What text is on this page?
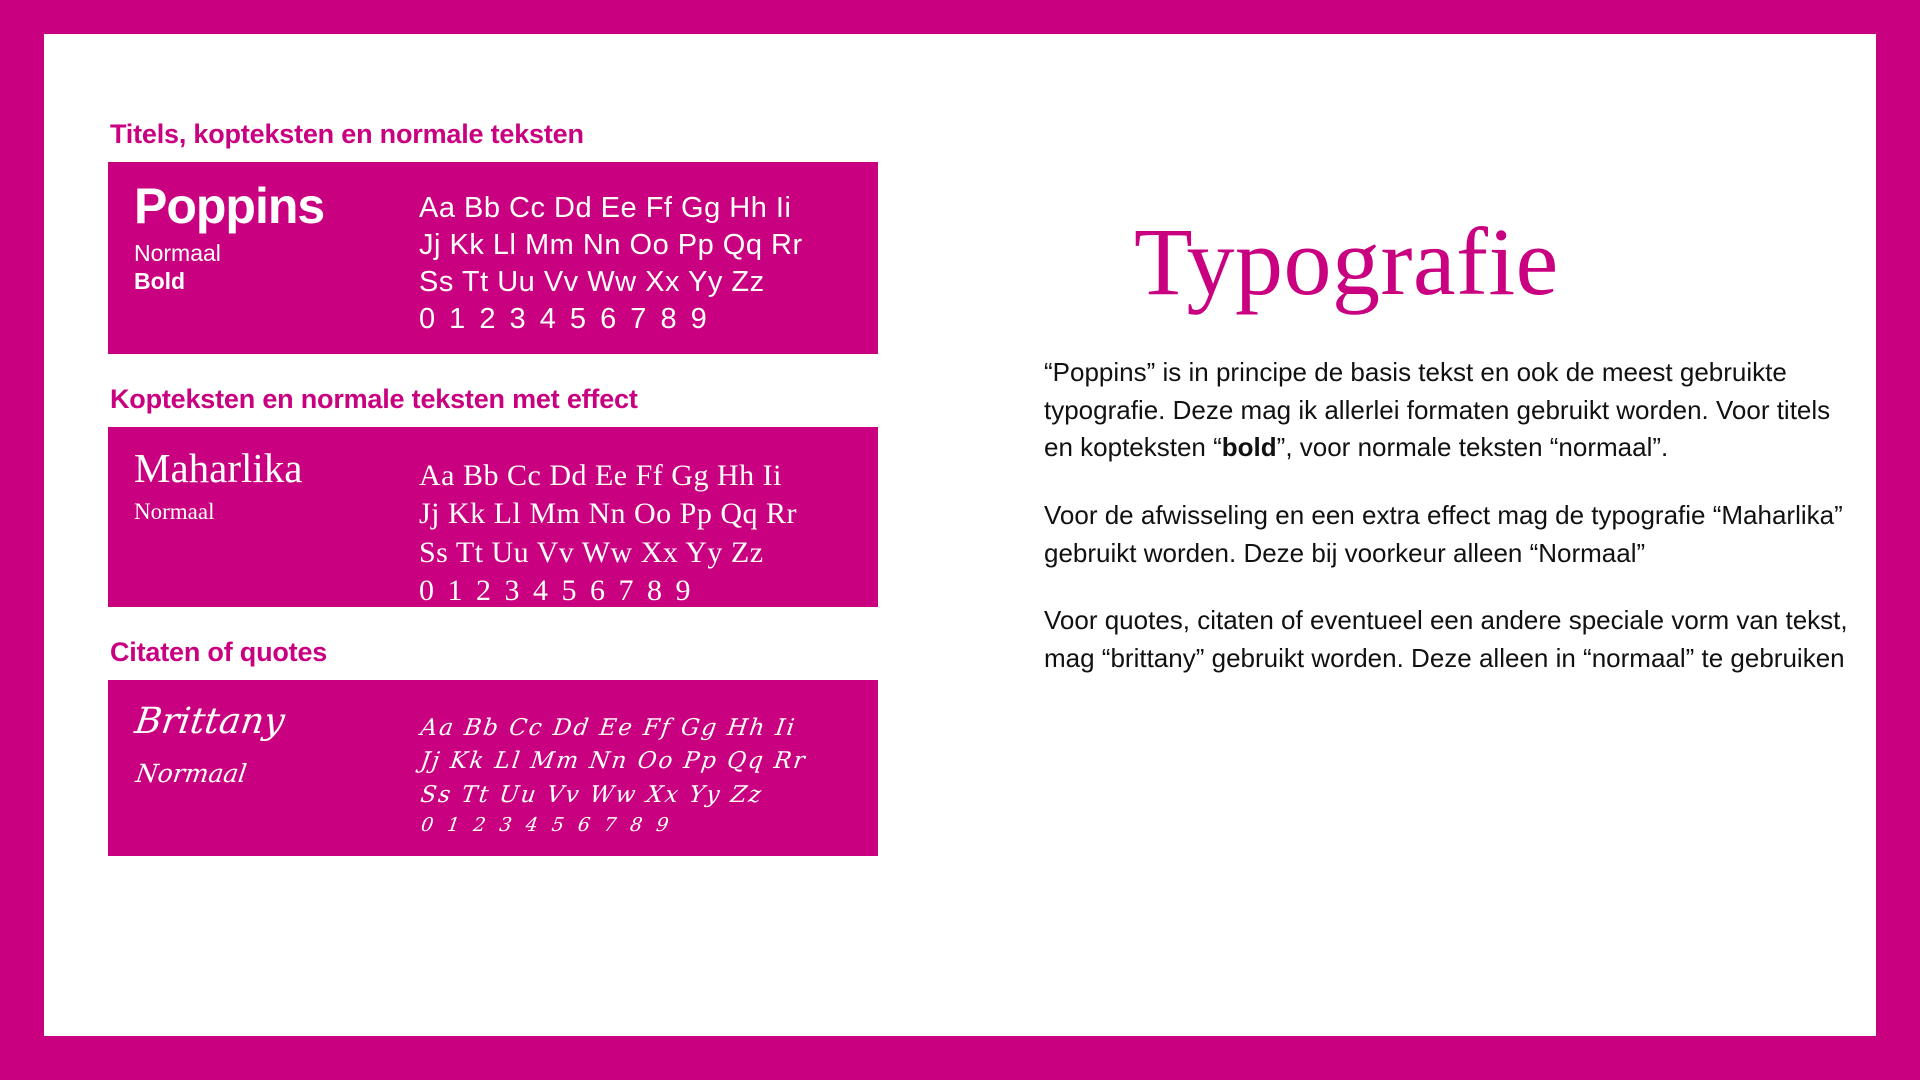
Titels, kopteksten en normale teksten
Poppins
Normaal
Bold
Aa Bb Cc Dd Ee Ff Gg Hh Ii
Jj Kk Ll Mm Nn Oo Pp Qq Rr
Ss Tt Uu Vv Ww Xx Yy Zz
0 1 2 3 4 5 6 7 8 9
Kopteksten en normale teksten met effect
Maharlika
Normaal
Aa Bb Cc Dd Ee Ff Gg Hh Ii
Jj Kk Ll Mm Nn Oo Pp Qq Rr
Ss Tt Uu Vv Ww Xx Yy Zz
0 1 2 3 4 5 6 7 8 9
Citaten of quotes
Brittany
Normaal
Aa Bb Cc Dd Ee Ff Gg Hh Ii
Jj Kk Ll Mm Nn Oo Pp Qq Rr
Ss Tt Uu Vv Ww Xx Yy Zz
0 1 2 3 4 5 6 7 8 9
Typografie

“Poppins” is in principe de basis tekst en ook de meest gebruikte typografie. Deze mag ik allerlei formaten gebruikt worden. Voor titels en kopteksten “bold”, voor normale teksten “normaal”.

Voor de afwisseling en een extra effect mag de typografie “Maharlika” gebruikt worden. Deze bij voorkeur alleen “Normaal”

Voor quotes, citaten of eventueel een andere speciale vorm van tekst, mag “brittany” gebruikt worden. Deze alleen in “normaal” te gebruiken
